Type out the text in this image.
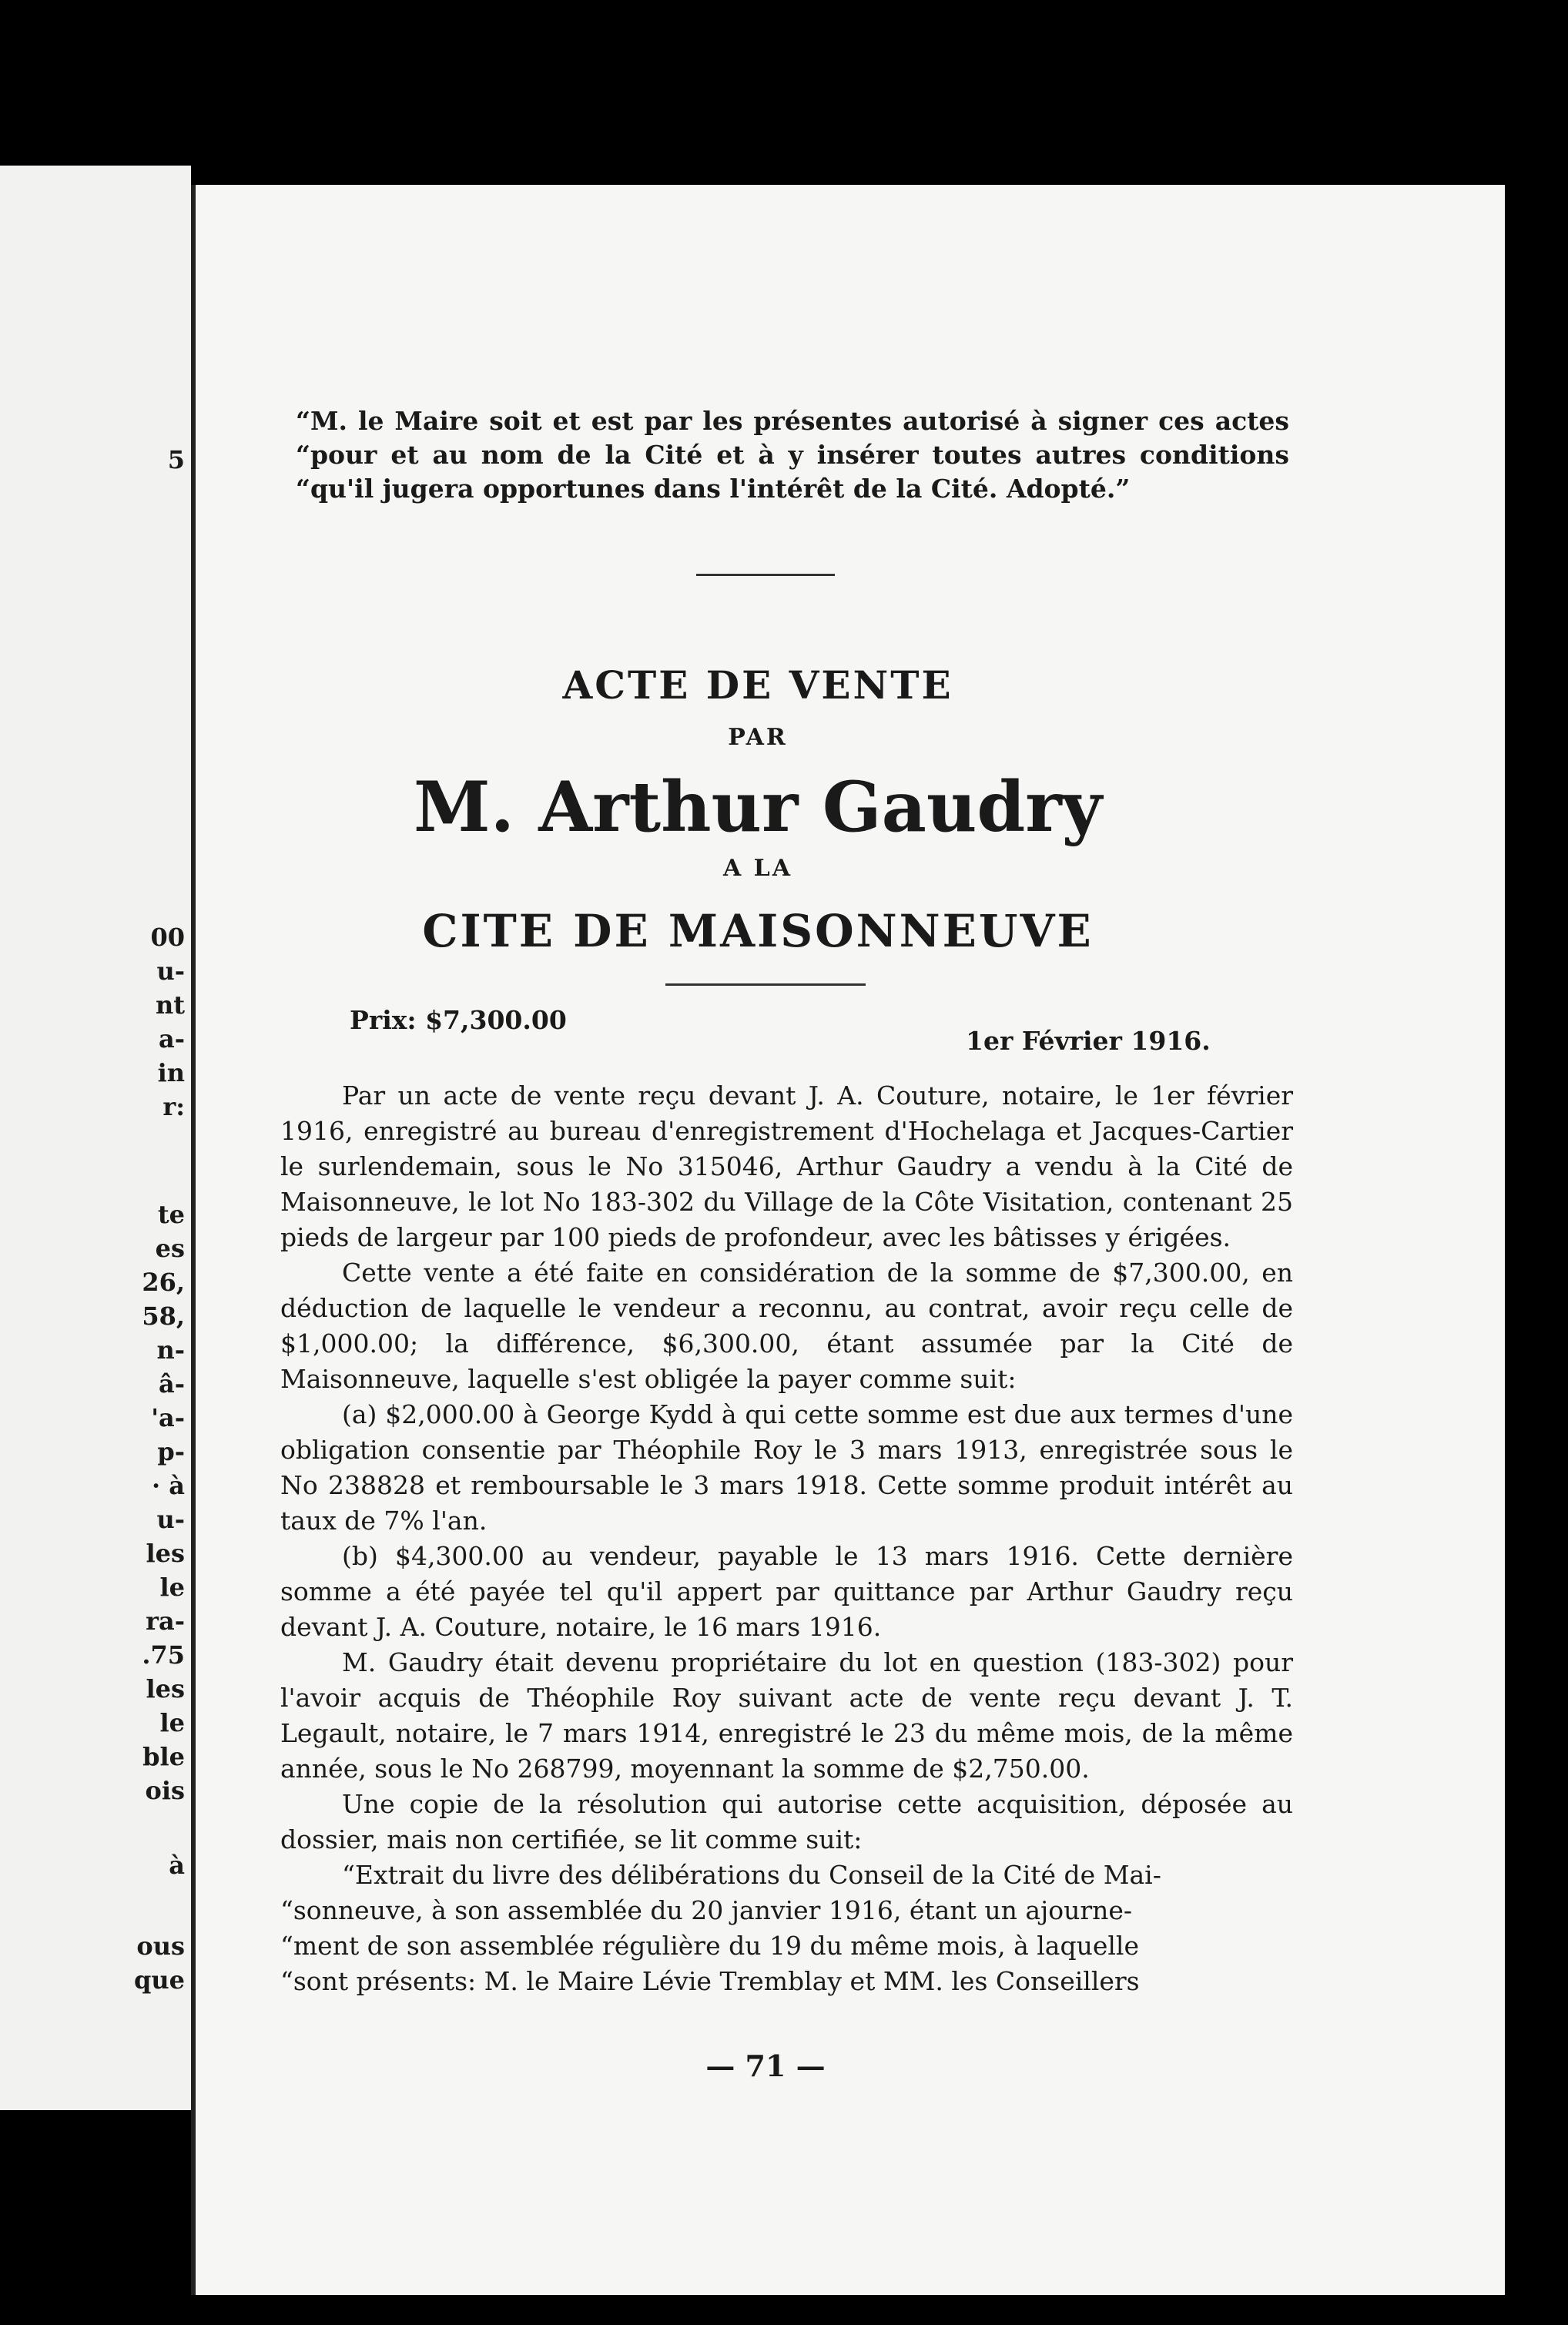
5
00
u-
nt
a-
in
r:
te
es
26,
58,
n-
â-
'a-
p-
· à
u-
les
le
ra-
.75
les
le
ble
ois
à
ous
que
“M. le Maire soit et est par les présentes autorisé à signer ces actes “pour et au nom de la Cité et à y insérer toutes autres conditions “qu'il jugera opportunes dans l'intérêt de la Cité. Adopté.”
ACTE DE VENTE
PAR
M. Arthur Gaudry
A LA
CITE DE MAISONNEUVE
Prix: $7,300.00
1er Février 1916.

Par un acte de vente reçu devant J. A. Couture, notaire, le 1er février 1916, enregistré au bureau d'enregistrement d'Hochelaga et Jacques-Cartier le surlendemain, sous le No 315046, Arthur Gaudry a vendu à la Cité de Maisonneuve, le lot No 183-302 du Village de la Côte Visitation, contenant 25 pieds de largeur par 100 pieds de profondeur, avec les bâtisses y érigées.

Cette vente a été faite en considération de la somme de $7,300.00, en déduction de laquelle le vendeur a reconnu, au contrat, avoir reçu celle de $1,000.00; la différence, $6,300.00, étant assumée par la Cité de Maisonneuve, laquelle s'est obligée la payer comme suit:

(a) $2,000.00 à George Kydd à qui cette somme est due aux termes d'une obligation consentie par Théophile Roy le 3 mars 1913, enregistrée sous le No 238828 et remboursable le 3 mars 1918. Cette somme produit intérêt au taux de 7% l'an.

(b) $4,300.00 au vendeur, payable le 13 mars 1916. Cette dernière somme a été payée tel qu'il appert par quittance par Arthur Gaudry reçu devant J. A. Couture, notaire, le 16 mars 1916.

M. Gaudry était devenu propriétaire du lot en question (183-302) pour l'avoir acquis de Théophile Roy suivant acte de vente reçu devant J. T. Legault, notaire, le 7 mars 1914, enregistré le 23 du même mois, de la même année, sous le No 268799, moyennant la somme de $2,750.00.

Une copie de la résolution qui autorise cette acquisition, déposée au dossier, mais non certifiée, se lit comme suit:

“Extrait du livre des délibérations du Conseil de la Cité de Mai-

“sonneuve, à son assemblée du 20 janvier 1916, étant un ajourne-

“ment de son assemblée régulière du 19 du même mois, à laquelle

“sont présents: M. le Maire Lévie Tremblay et MM. les Conseillers

— 71 —
